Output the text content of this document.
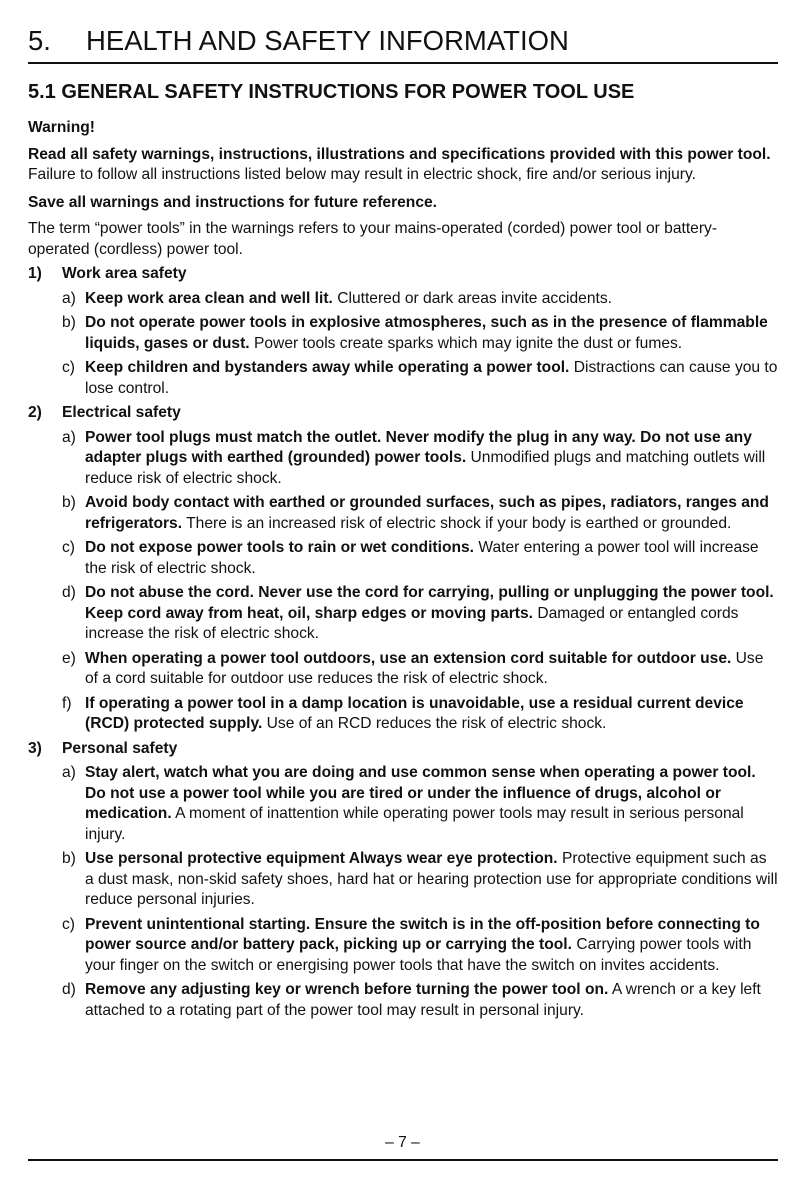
5. HEALTH AND SAFETY INFORMATION
5.1 GENERAL SAFETY INSTRUCTIONS FOR POWER TOOL USE

Warning!

Read all safety warnings, instructions, illustrations and specifications provided with this power tool. Failure to follow all instructions listed below may result in electric shock, fire and/or serious injury.

Save all warnings and instructions for future reference.

The term “power tools” in the warnings refers to your mains-operated (corded) power tool or battery-operated (cordless) power tool.

1)	Work area safety
a) Keep work area clean and well lit. Cluttered or dark areas invite accidents.
b) Do not operate power tools in explosive atmospheres, such as in the presence of flammable liquids, gases or dust. Power tools create sparks which may ignite the dust or fumes.
c) Keep children and bystanders away while operating a power tool. Distractions can cause you to lose control.
2)	Electrical safety
a) Power tool plugs must match the outlet. Never modify the plug in any way. Do not use any adapter plugs with earthed (grounded) power tools. Unmodified plugs and matching outlets will reduce risk of electric shock.
b) Avoid body contact with earthed or grounded surfaces, such as pipes, radiators, ranges and refrigerators. There is an increased risk of electric shock if your body is earthed or grounded.
c) Do not expose power tools to rain or wet conditions. Water entering a power tool will increase the risk of electric shock.
d) Do not abuse the cord. Never use the cord for carrying, pulling or unplugging the power tool. Keep cord away from heat, oil, sharp edges or moving parts. Damaged or entangled cords increase the risk of electric shock.
e) When operating a power tool outdoors, use an extension cord suitable for outdoor use. Use of a cord suitable for outdoor use reduces the risk of electric shock.
f) If operating a power tool in a damp location is unavoidable, use a residual current device (RCD) protected supply. Use of an RCD reduces the risk of electric shock.
3)	Personal safety
a) Stay alert, watch what you are doing and use common sense when operating a power tool. Do not use a power tool while you are tired or under the influence of drugs, alcohol or medication. A moment of inattention while operating power tools may result in serious personal injury.
b) Use personal protective equipment Always wear eye protection. Protective equipment such as a dust mask, non-skid safety shoes, hard hat or hearing protection use for appropriate conditions will reduce personal injuries.
c) Prevent unintentional starting. Ensure the switch is in the off-position before connecting to power source and/or battery pack, picking up or carrying the tool. Carrying power tools with your finger on the switch or energising power tools that have the switch on invites accidents.
d) Remove any adjusting key or wrench before turning the power tool on. A wrench or a key left attached to a rotating part of the power tool may result in personal injury.
– 7 –
